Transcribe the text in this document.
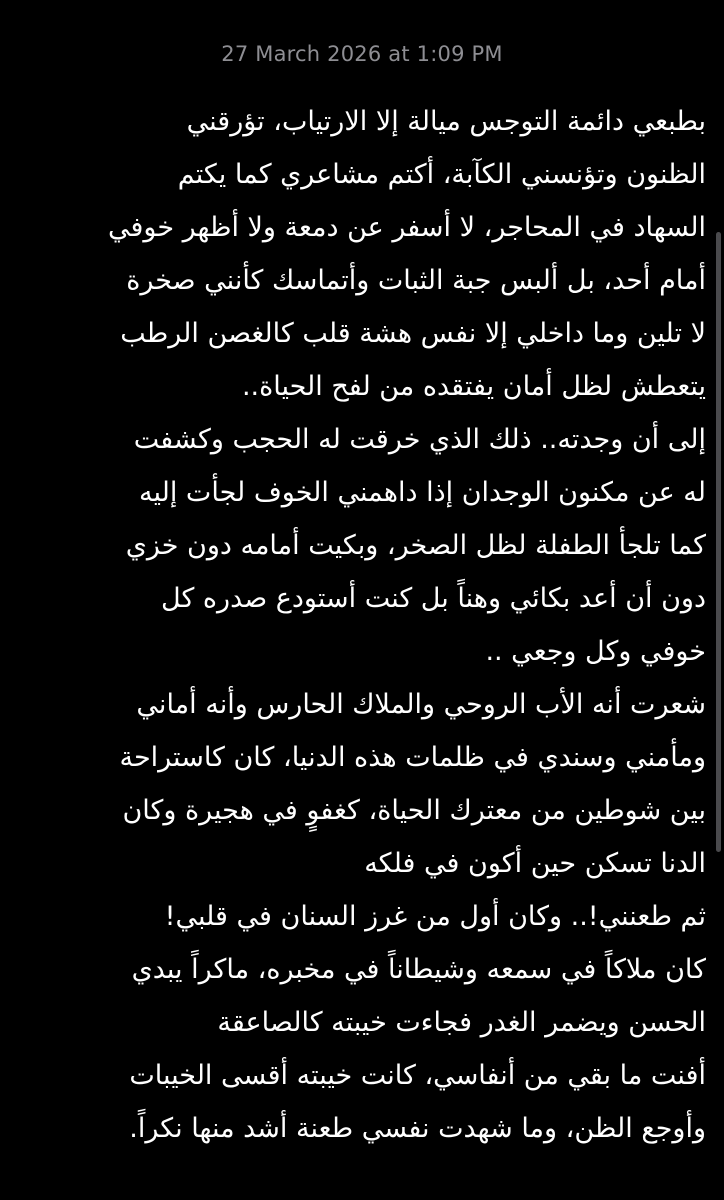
27 March 2026 at 1:09 PM
بطبعي دائمة التوجس ميالة إلا الارتياب، تؤرقني
الظنون وتؤنسني الكآبة، أكتم مشاعري كما يكتم
السهاد في المحاجر، لا أسفر عن دمعة ولا أظهر خوفي
أمام أحد، بل ألبس جبة الثبات وأتماسك كأنني صخرة
لا تلين وما داخلي إلا نفس هشة قلب كالغصن الرطب
يتعطش لظل أمان يفتقده من لفح الحياة..
إلى أن وجدته.. ذلك الذي خرقت له الحجب وكشفت
له عن مكنون الوجدان إذا داهمني الخوف لجأت إليه
كما تلجأ الطفلة لظل الصخر، وبكيت أمامه دون خزي
دون أن أعد بكائي وهناً بل كنت أستودع صدره كل
خوفي وكل وجعي ..
شعرت أنه الأب الروحي والملاك الحارس وأنه أماني
ومأمني وسندي في ظلمات هذه الدنيا، كان كاستراحة
بين شوطين من معترك الحياة، كغفوٍ في هجيرة وكان
الدنا تسكن حين أكون في فلكه
ثم طعنني!.. وكان أول من غرز السنان في قلبي!
كان ملاكاً في سمعه وشيطاناً في مخبره، ماكراً يبدي
الحسن ويضمر الغدر فجاءت خيبته كالصاعقة
أفنت ما بقي من أنفاسي، كانت خيبته أقسى الخيبات
وأوجع الظن، وما شهدت نفسي طعنة أشد منها نكراً.
